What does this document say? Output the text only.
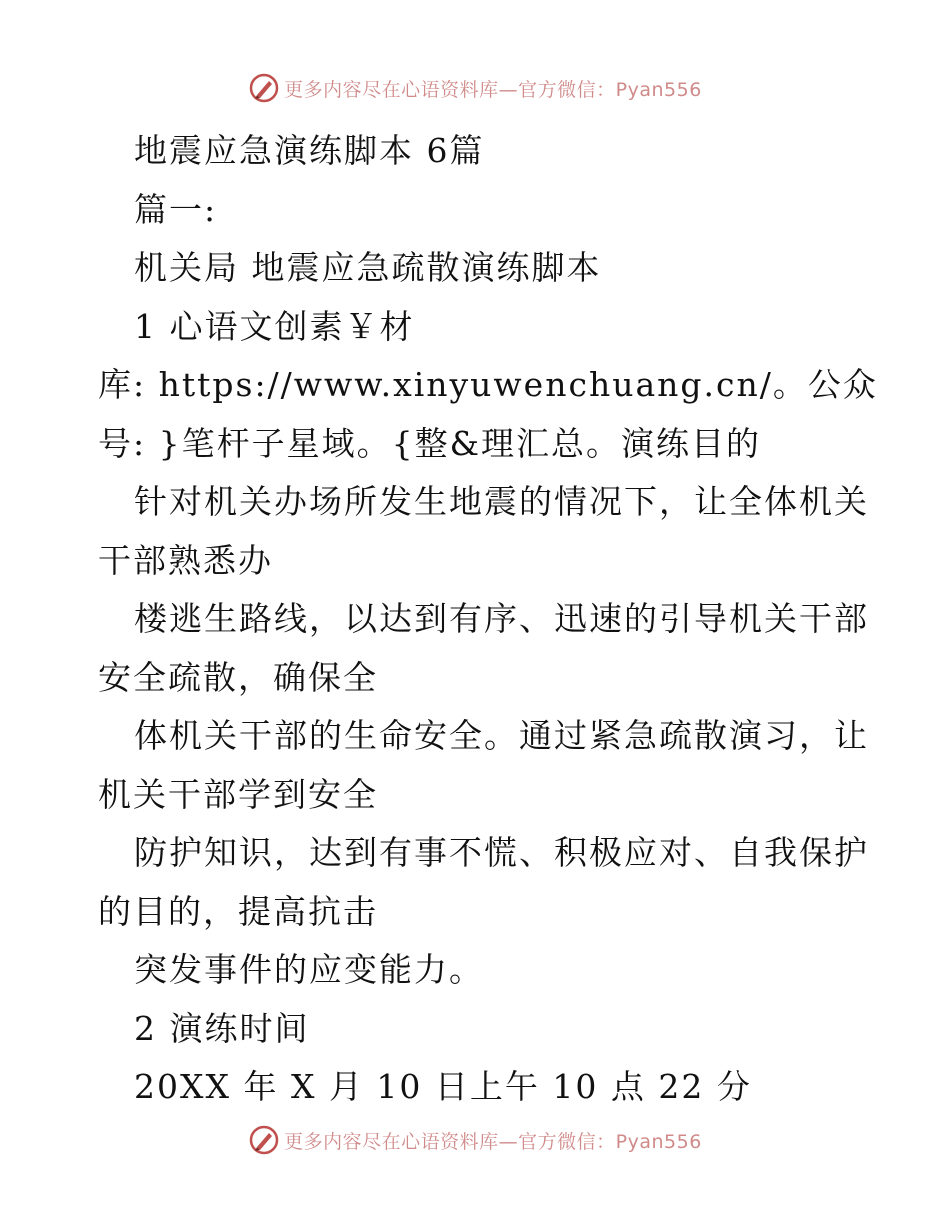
更多内容尽在心语资料库—官方微信：Pyan556
地震应急演练脚本 6篇
篇一:
机关局 地震应急疏散演练脚本
1 心语文创素￥材
库: https://www.xinyuwenchuang.cn/。公众
号: }笔杆子星域。{整&理汇总。演练目的
针对机关办场所发生地震的情况下，让全体机关
干部熟悉办
楼逃生路线，以达到有序、迅速的引导机关干部
安全疏散，确保全
体机关干部的生命安全。通过紧急疏散演习，让
机关干部学到安全
防护知识，达到有事不慌、积极应对、自我保护
的目的，提高抗击
突发事件的应变能力。
2 演练时间
20XX 年 X 月 10 日上午 10 点 22 分
更多内容尽在心语资料库—官方微信：Pyan556
